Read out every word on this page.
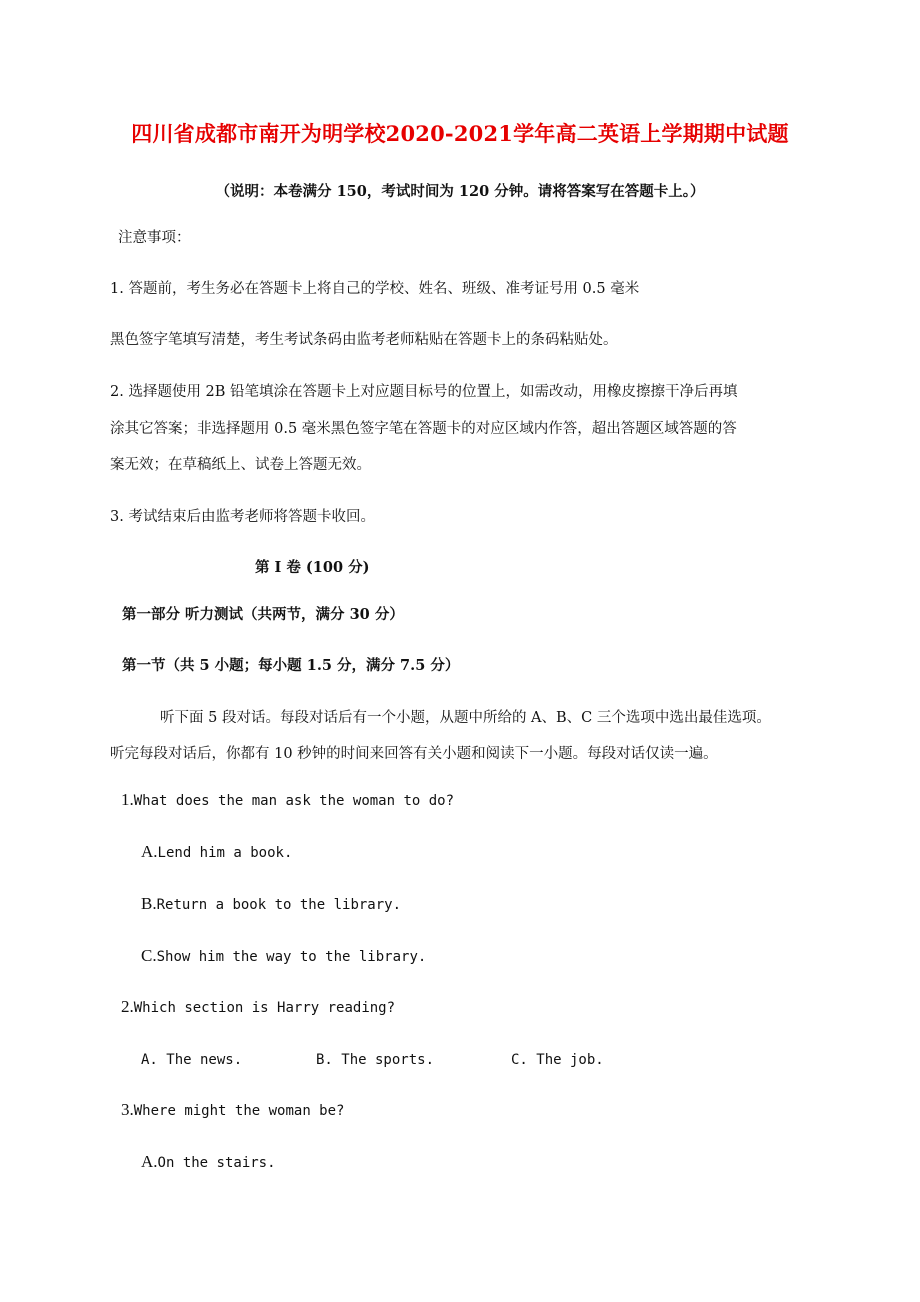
四川省成都市南开为明学校2020-2021学年高二英语上学期期中试题
（说明：本卷满分 150，考试时间为 120 分钟。请将答案写在答题卡上。）
注意事项：
1. 答题前，考生务必在答题卡上将自己的学校、姓名、班级、准考证号用 0.5 毫米
黑色签字笔填写清楚，考生考试条码由监考老师粘贴在答题卡上的条码粘贴处。
2. 选择题使用 2B 铅笔填涂在答题卡上对应题目标号的位置上，如需改动，用橡皮擦擦干净后再填
涂其它答案；非选择题用 0.5 毫米黑色签字笔在答题卡的对应区域内作答，超出答题区域答题的答
案无效；在草稿纸上、试卷上答题无效。
3. 考试结束后由监考老师将答题卡收回。
第 I 卷 (100 分)
第一部分 听力测试（共两节，满分 30 分）
第一节（共 5 小题；每小题 1.5 分，满分 7.5 分）
听下面 5 段对话。每段对话后有一个小题，从题中所给的 A、B、C 三个选项中选出最佳选项。
听完每段对话后，你都有 10 秒钟的时间来回答有关小题和阅读下一小题。每段对话仅读一遍。
1.What does the man ask the woman to do?
A.Lend him a book.
B.Return a book to the library.
C.Show him the way to the library.
2.Which section is Harry reading?
A. The news.	B. The sports.	C. The job.
3.Where might the woman be?
A.On the stairs.
